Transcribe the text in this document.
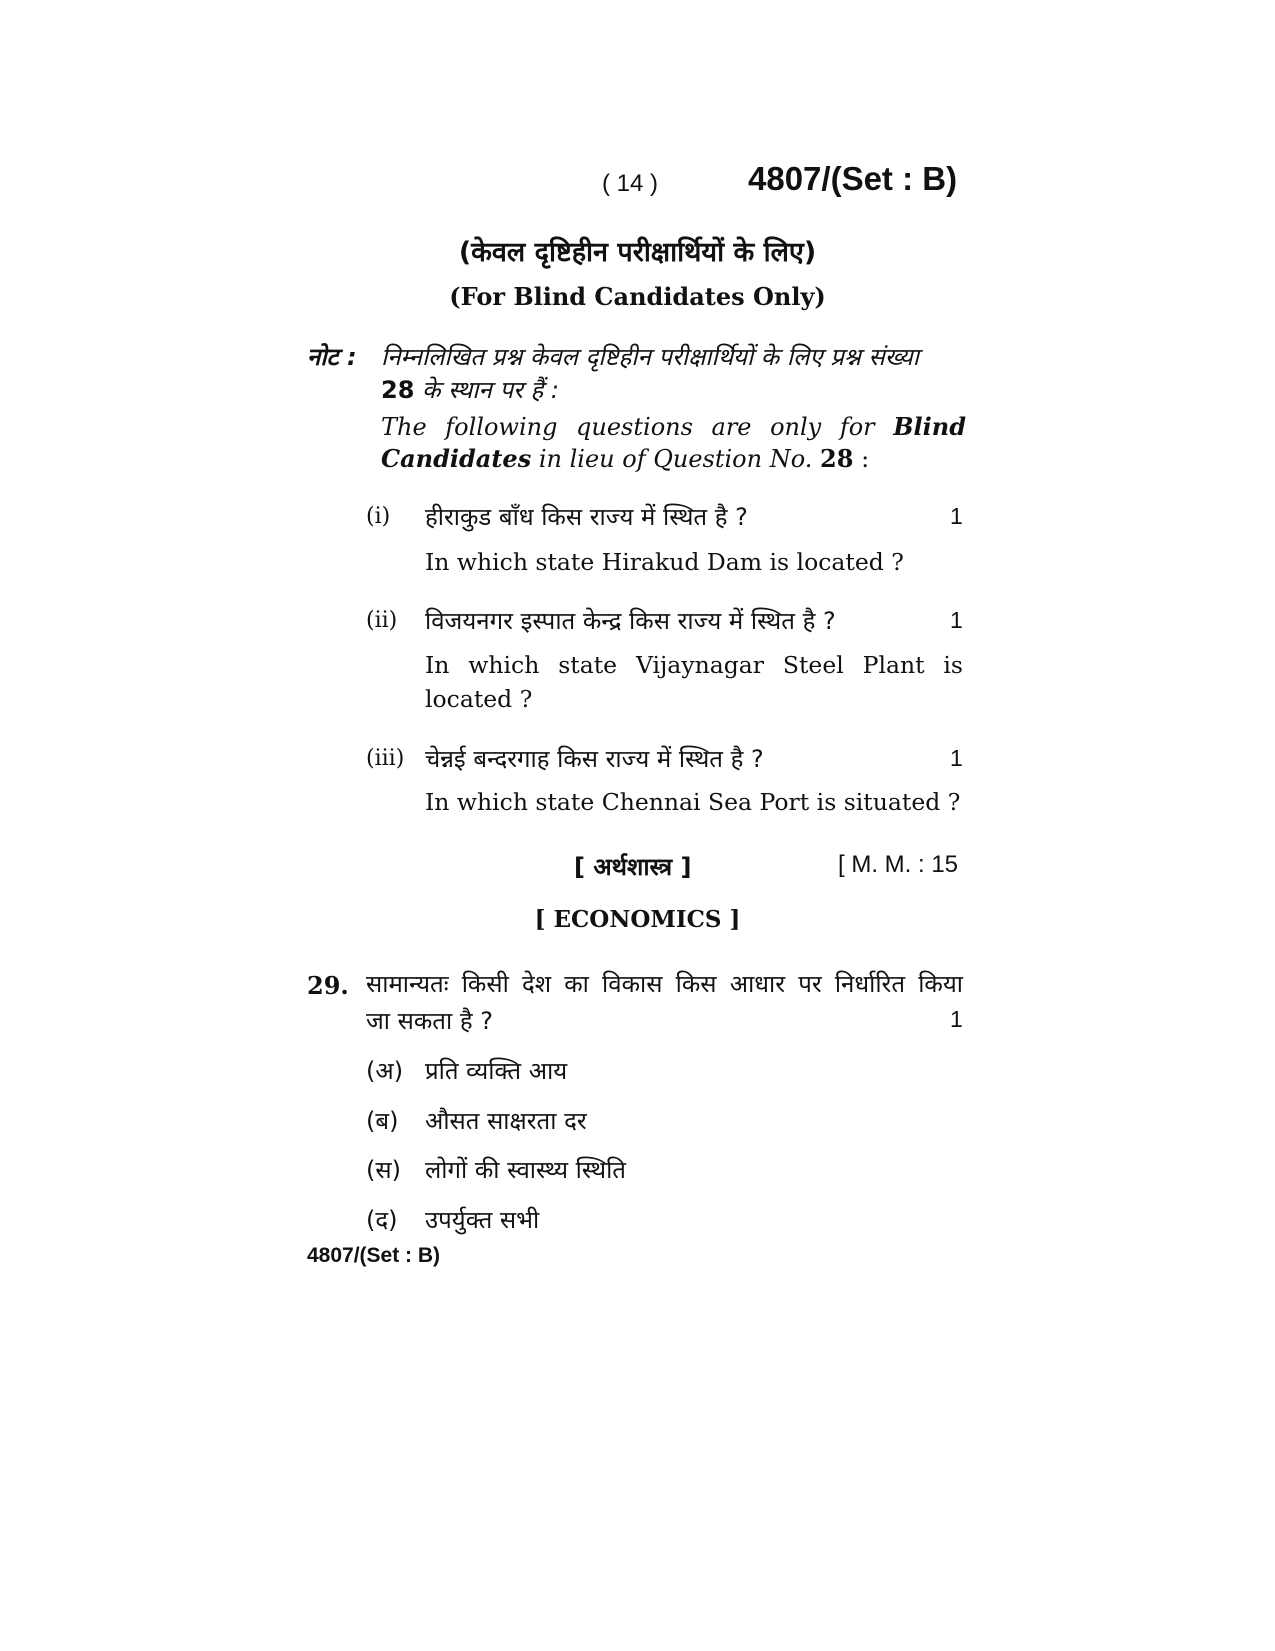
( 14 )	4807/(Set : B)
(केवल दृष्टिहीन परीक्षार्थियों के लिए)
(For Blind Candidates Only)
नोट : निम्नलिखित प्रश्न केवल दृष्टिहीन परीक्षार्थियों के लिए प्रश्न संख्या
28 के स्थान पर हैं :
The following questions are only for Blind
Candidates in lieu of Question No. 28 :
(i) हीराकुड बाँध किस राज्य में स्थित है ?	1
In which state Hirakud Dam is located ?
(ii) विजयनगर इस्पात केन्द्र किस राज्य में स्थित है ?	1
In which state Vijaynagar Steel Plant is
located ?
(iii) चेन्नई बन्दरगाह किस राज्य में स्थित है ?	1
In which state Chennai Sea Port is situated ?
[ अर्थशास्त्र ]	[ M. M. : 15
[ ECONOMICS ]
29. सामान्यतः किसी देश का विकास किस आधार पर निर्धारित किया
जा सकता है ?	1
(अ) प्रति व्यक्ति आय
(ब) औसत साक्षरता दर
(स) लोगों की स्वास्थ्य स्थिति
(द) उपर्युक्त सभी
4807/(Set : B)
